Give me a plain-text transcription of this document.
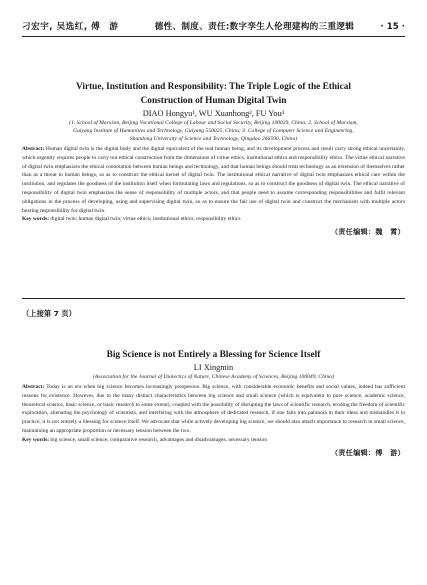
刁宏宇, 吴选红, 傅　游	德性、制度、责任:数字孪生人伦理建构的三重逻辑	· 15 ·
Virtue, Institution and Responsibility: The Triple Logic of the Ethical
Construction of Human Digital Twin
DIAO Hongyu¹, WU Xuanhong², FU You³
(1. School of Marxism, Beijing Vocational College of Labour and Social Security, Beijing 100029, China; 2. School of Marxism,
Guiyang Institute of Humanities and Technology, Guiyang 550025, China; 3. College of Computer Science and Engineering,
Shandong University of Science and Technology, Qingdao 266590, China)
Abstract: Human digital twin is the digital body and the digital equivalent of the real human being, and its development process and result carry strong ethical uncertainty, which urgently requires people to carry out ethical construction from the dimensions of virtue ethics, institutional ethics and responsibility ethics. The virtue ethical narrative of digital twin emphasizes the ethical connotation between human beings and technology, and that human beings should treat technology as an extension of themselves rather than as a threat to human beings, so as to construct the ethical kernel of digital twin. The institutional ethical narrative of digital twin emphasizes ethical care within the institution, and regulates the goodness of the institution itself when formulating laws and regulations, so as to construct the goodness of digital twin. The ethical narrative of responsibility of digital twin emphasizes the sense of responsibility of multiple actors, and that people need to assume corresponding responsibilities and fulfil relevant obligations in the process of developing, using and supervising digital twin, so as to ensure the fair use of digital twin and construct the mechanism with multiple actors bearing responsibility for digital twin.
Key words: digital twin; human digital twin; virtue ethics; institutional ethics; responsibility ethics
（责任编辑：魏　霄）
（上接第 7 页）
Big Science is not Entirely a Blessing for Science Itself
LI Xingmin
(Association for the Journal of Dialectics of Nature, Chinese Academy of Sciences, Beijing 100049, China)
Abstract: Today is an era when big science becomes increasingly prosperous. Big science, with considerable economic benefits and social values, indeed has sufficient reasons for existence. However, due to the many distinct characteristics between big science and small science (which is equivalent to pure science, academic science, theoretical science, basic science, or basic research to some extent), coupled with the possibility of disrupting the laws of scientific research, eroding the freedom of scientific exploration, alienating the psychology of scientists, and interfering with the atmosphere of dedicated research, if one falls into paranoia in their ideas and mishandles it in practice, it is not entirely a blessing for science itself. We advocate that while actively developing big science, we should also attach importance to research in small science, maintaining an appropriate proportion or necessary tension between the two.
Key words: big science, small science, comparative research, advantages and disadvantages, necessary tension
（责任编辑：傅　游）
